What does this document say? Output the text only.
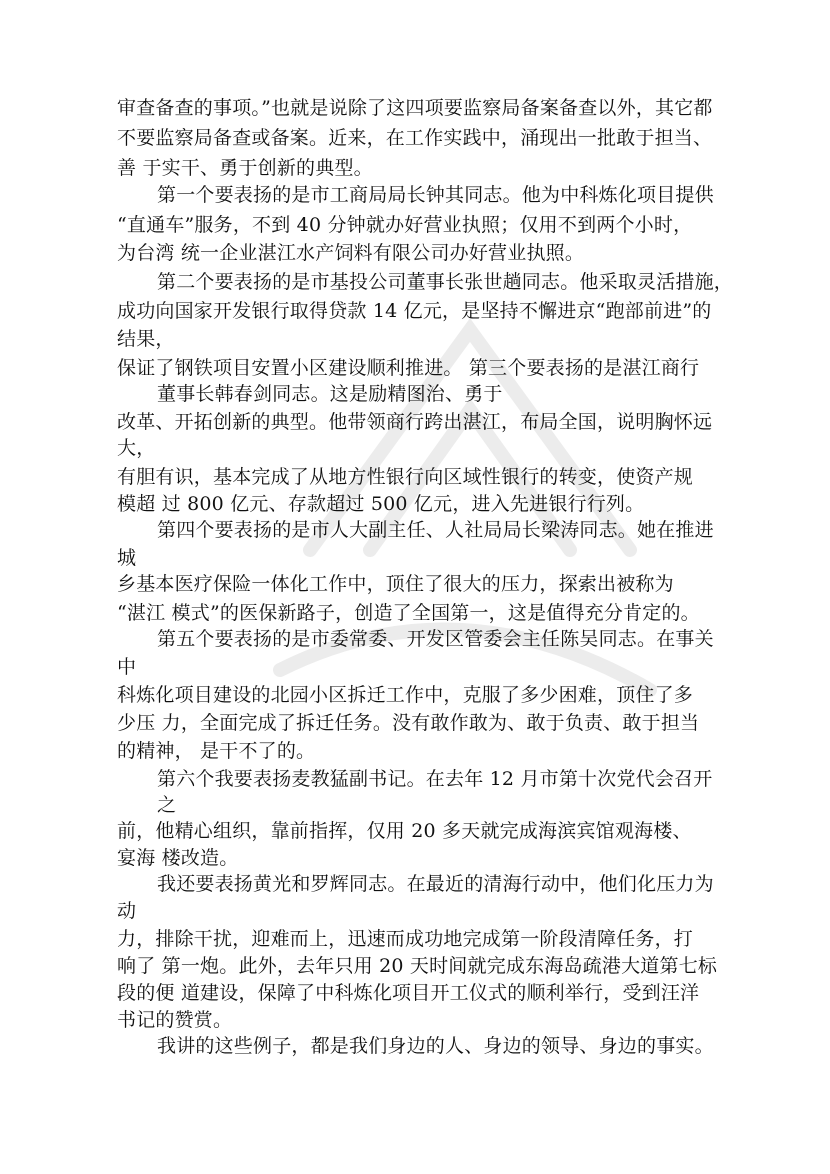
审查备查的事项。”也就是说除了这四项要监察局备案备查以外，其它都
不要监察局备查或备案。近来，在工作实践中，涌现出一批敢于担当、
善 于实干、勇于创新的典型。
第一个要表扬的是市工商局局长钟其同志。他为中科炼化项目提供
“直通车”服务，不到 40 分钟就办好营业执照；仅用不到两个小时，
为台湾 统一企业湛江水产饲料有限公司办好营业执照。
第二个要表扬的是市基投公司董事长张世趟同志。他采取灵活措施，
成功向国家开发银行取得贷款 14 亿元，是坚持不懈进京“跑部前进”的
结果，
保证了钢铁项目安置小区建设顺利推进。 第三个要表扬的是湛江商行
董事长韩春剑同志。这是励精图治、勇于
改革、开拓创新的典型。他带领商行跨出湛江，布局全国，说明胸怀远
大，
有胆有识，基本完成了从地方性银行向区域性银行的转变，使资产规
模超 过 800 亿元、存款超过 500 亿元，进入先进银行行列。
第四个要表扬的是市人大副主任、人社局局长梁涛同志。她在推进
城
乡基本医疗保险一体化工作中，顶住了很大的压力，探索出被称为
“湛江 模式”的医保新路子，创造了全国第一，这是值得充分肯定的。
第五个要表扬的是市委常委、开发区管委会主任陈吴同志。在事关
中
科炼化项目建设的北园小区拆迁工作中，克服了多少困难，顶住了多
少压 力，全面完成了拆迁任务。没有敢作敢为、敢于负责、敢于担当
的精神， 是干不了的。
第六个我要表扬麦教猛副书记。在去年 12 月市第十次党代会召开
之
前，他精心组织，靠前指挥，仅用 20 多天就完成海滨宾馆观海楼、
宴海 楼改造。
我还要表扬黄光和罗辉同志。在最近的清海行动中，他们化压力为
动
力，排除干扰，迎难而上，迅速而成功地完成第一阶段清障任务，打
响了 第一炮。此外，去年只用 20 天时间就完成东海岛疏港大道第七标
段的便 道建设，保障了中科炼化项目开工仪式的顺利举行，受到汪洋
书记的赞赏。
我讲的这些例子，都是我们身边的人、身边的领导、身边的事实。
